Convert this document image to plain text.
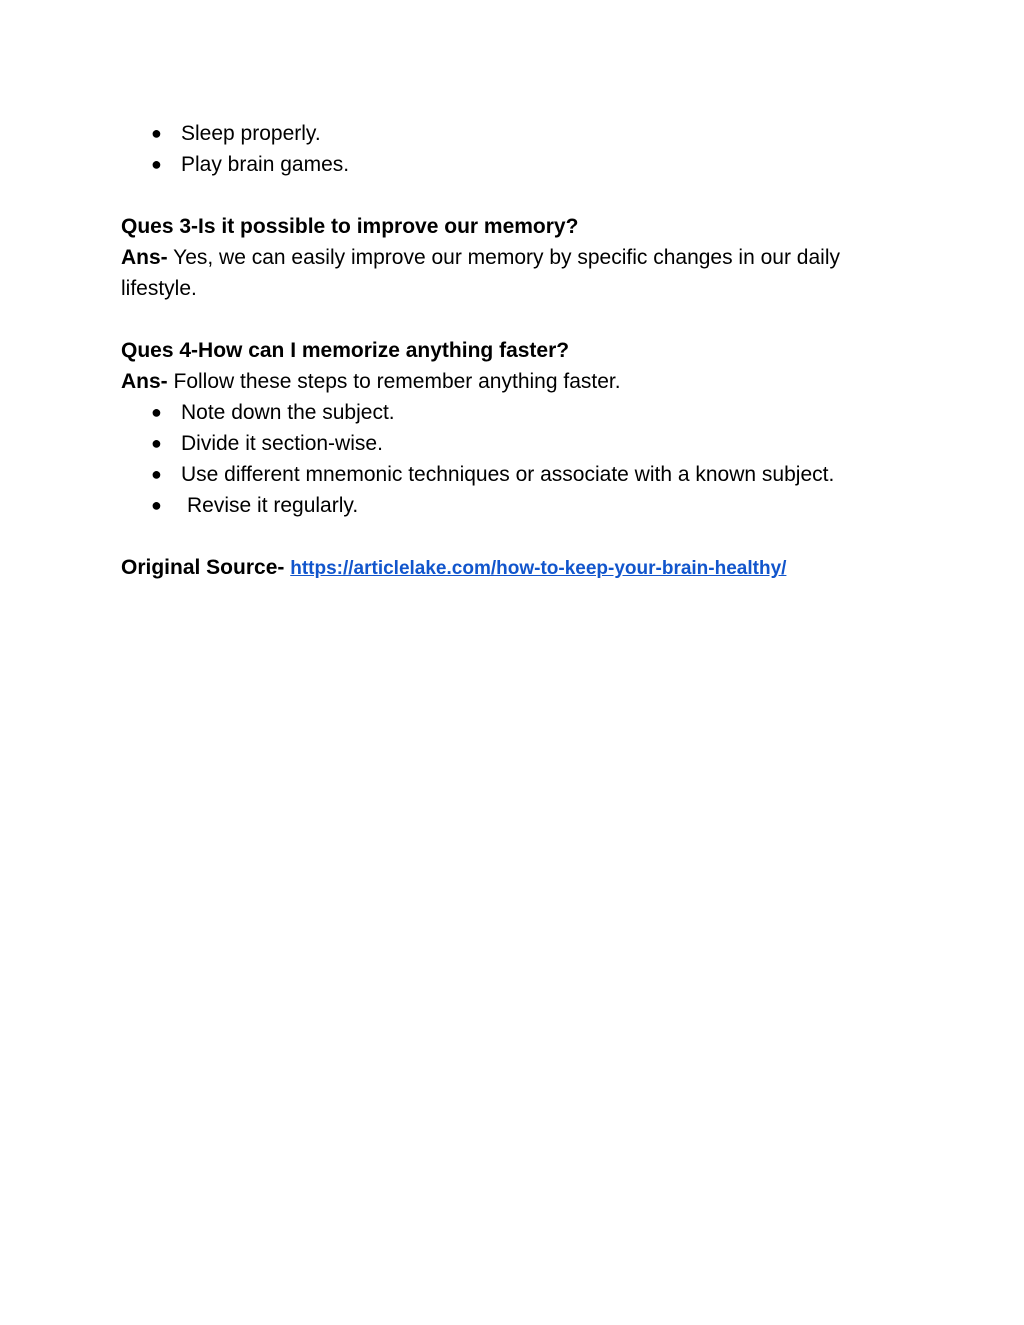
● Sleep properly.
● Play brain games.
Ques 3-Is it possible to improve our memory?
Ans- Yes, we can easily improve our memory by specific changes in our daily lifestyle.
Ques 4-How can I memorize anything faster?
Ans- Follow these steps to remember anything faster.
● Note down the subject.
● Divide it section-wise.
● Use different mnemonic techniques or associate with a known subject.
● Revise it regularly.
Original Source- https://articlelake.com/how-to-keep-your-brain-healthy/
